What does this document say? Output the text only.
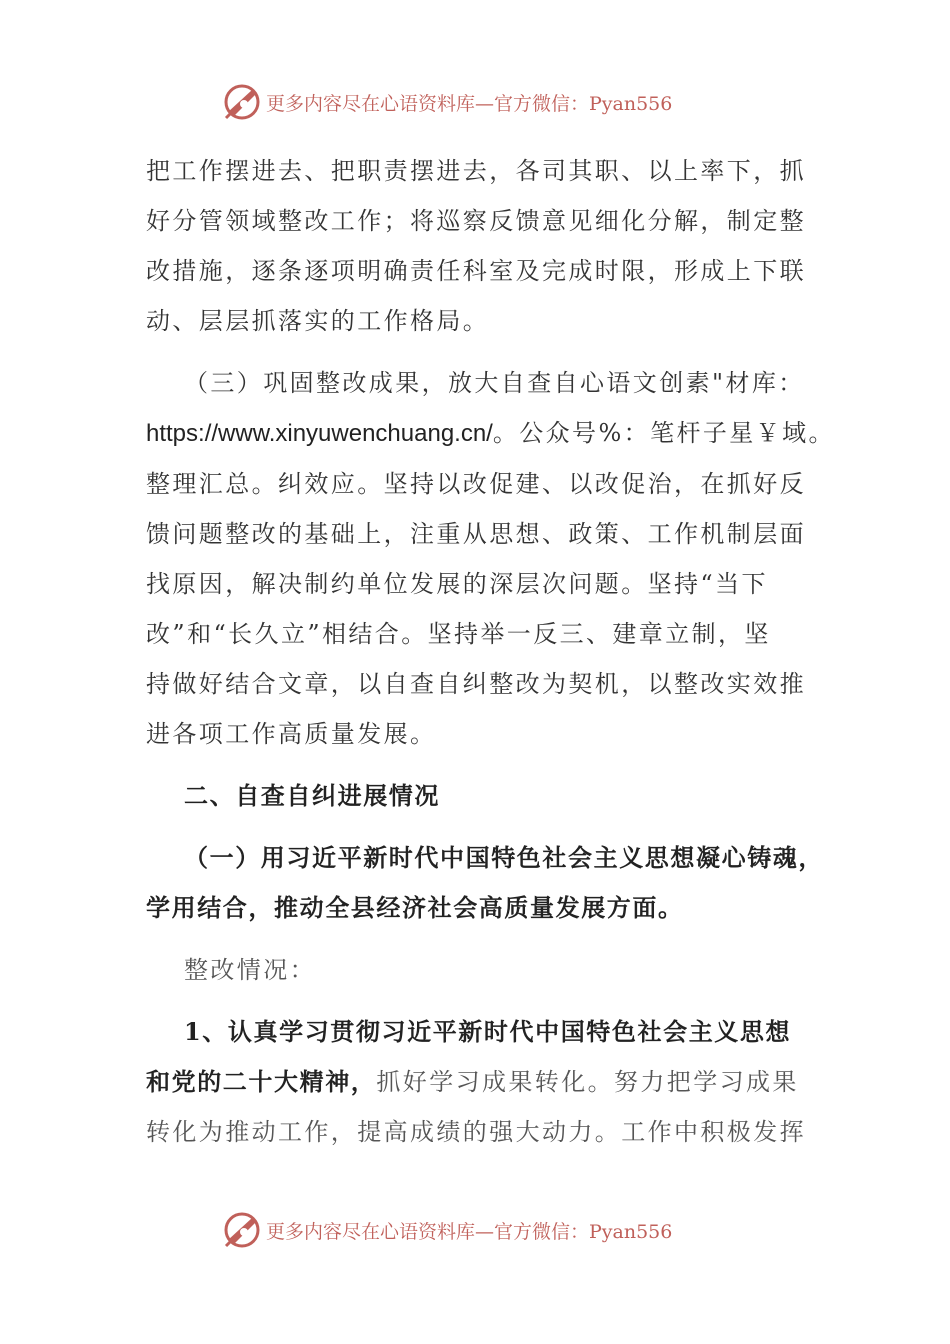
更多内容尽在心语资料库—官方微信：Pyan556

把工作摆进去、把职责摆进去，各司其职、以上率下，抓

好分管领域整改工作；将巡察反馈意见细化分解，制定整

改措施，逐条逐项明确责任科室及完成时限，形成上下联

动、层层抓落实的工作格局。

（三）巩固整改成果，放大自查自心语文创素"材库：

https://www.xinyuwenchuang.cn/。公众号%：笔杆子星￥域。

整理汇总。纠效应。坚持以改促建、以改促治，在抓好反

馈问题整改的基础上，注重从思想、政策、工作机制层面

找原因，解决制约单位发展的深层次问题。坚持“当下

改”和“长久立”相结合。坚持举一反三、建章立制，坚

持做好结合文章，以自查自纠整改为契机，以整改实效推

进各项工作高质量发展。

二、自查自纠进展情况

（一）用习近平新时代中国特色社会主义思想凝心铸魂，

学用结合，推动全县经济社会高质量发展方面。

整改情况：

1、认真学习贯彻习近平新时代中国特色社会主义思想

和党的二十大精神，抓好学习成果转化。努力把学习成果

转化为推动工作，提高成绩的强大动力。工作中积极发挥

更多内容尽在心语资料库—官方微信：Pyan556
